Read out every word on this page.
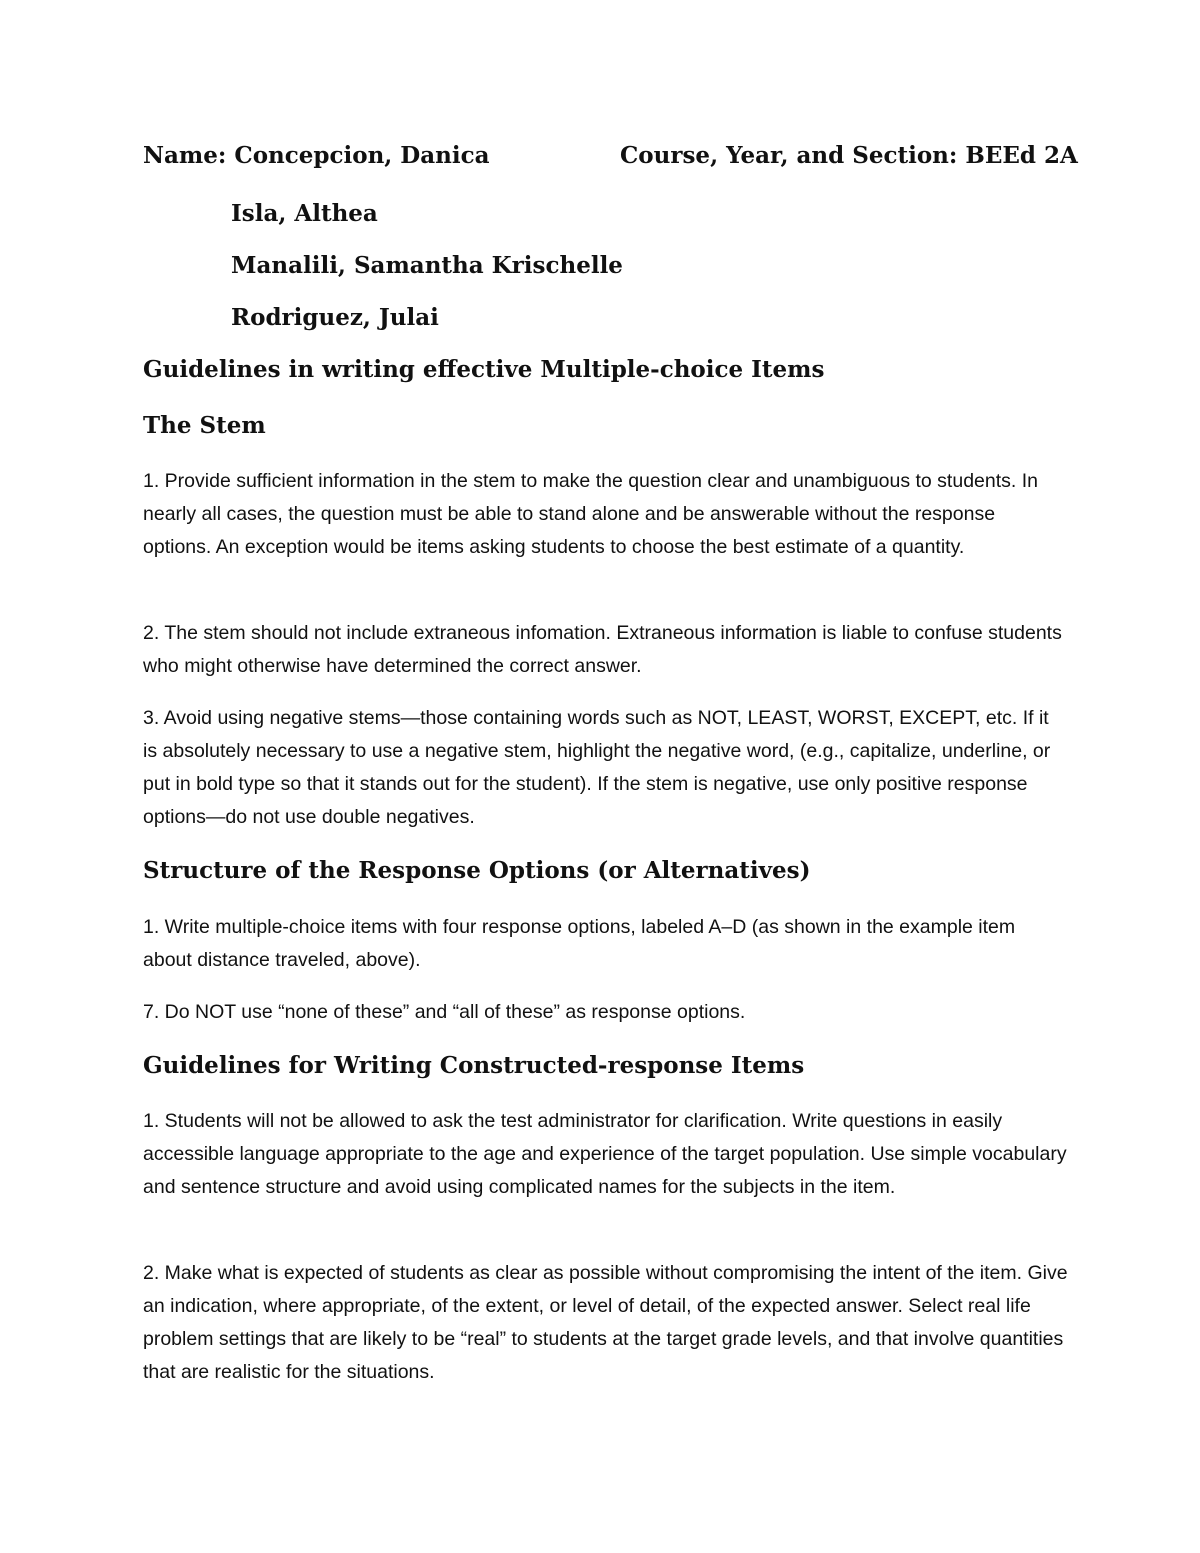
Name: Concepcion, Danica	Course, Year, and Section: BEEd 2A
Isla, Althea
Manalili, Samantha Krischelle
Rodriguez, Julai
Guidelines in writing effective Multiple-choice Items
The Stem

1. Provide sufficient information in the stem to make the question clear and unambiguous to students. In nearly all cases, the question must be able to stand alone and be answerable without the response options. An exception would be items asking students to choose the best estimate of a quantity.

2. The stem should not include extraneous infomation. Extraneous information is liable to confuse students who might otherwise have determined the correct answer.

3. Avoid using negative stems—those containing words such as NOT, LEAST, WORST, EXCEPT, etc. If it is absolutely necessary to use a negative stem, highlight the negative word, (e.g., capitalize, underline, or put in bold type so that it stands out for the student). If the stem is negative, use only positive response options—do not use double negatives.

Structure of the Response Options (or Alternatives)

1. Write multiple-choice items with four response options, labeled A–D (as shown in the example item about distance traveled, above).

7. Do NOT use “none of these” and “all of these” as response options.

Guidelines for Writing Constructed-response Items

1. Students will not be allowed to ask the test administrator for clarification. Write questions in easily accessible language appropriate to the age and experience of the target population. Use simple vocabulary and sentence structure and avoid using complicated names for the subjects in the item.

2. Make what is expected of students as clear as possible without compromising the intent of the item. Give an indication, where appropriate, of the extent, or level of detail, of the expected answer. Select real life problem settings that are likely to be “real” to students at the target grade levels, and that involve quantities that are realistic for the situations.
